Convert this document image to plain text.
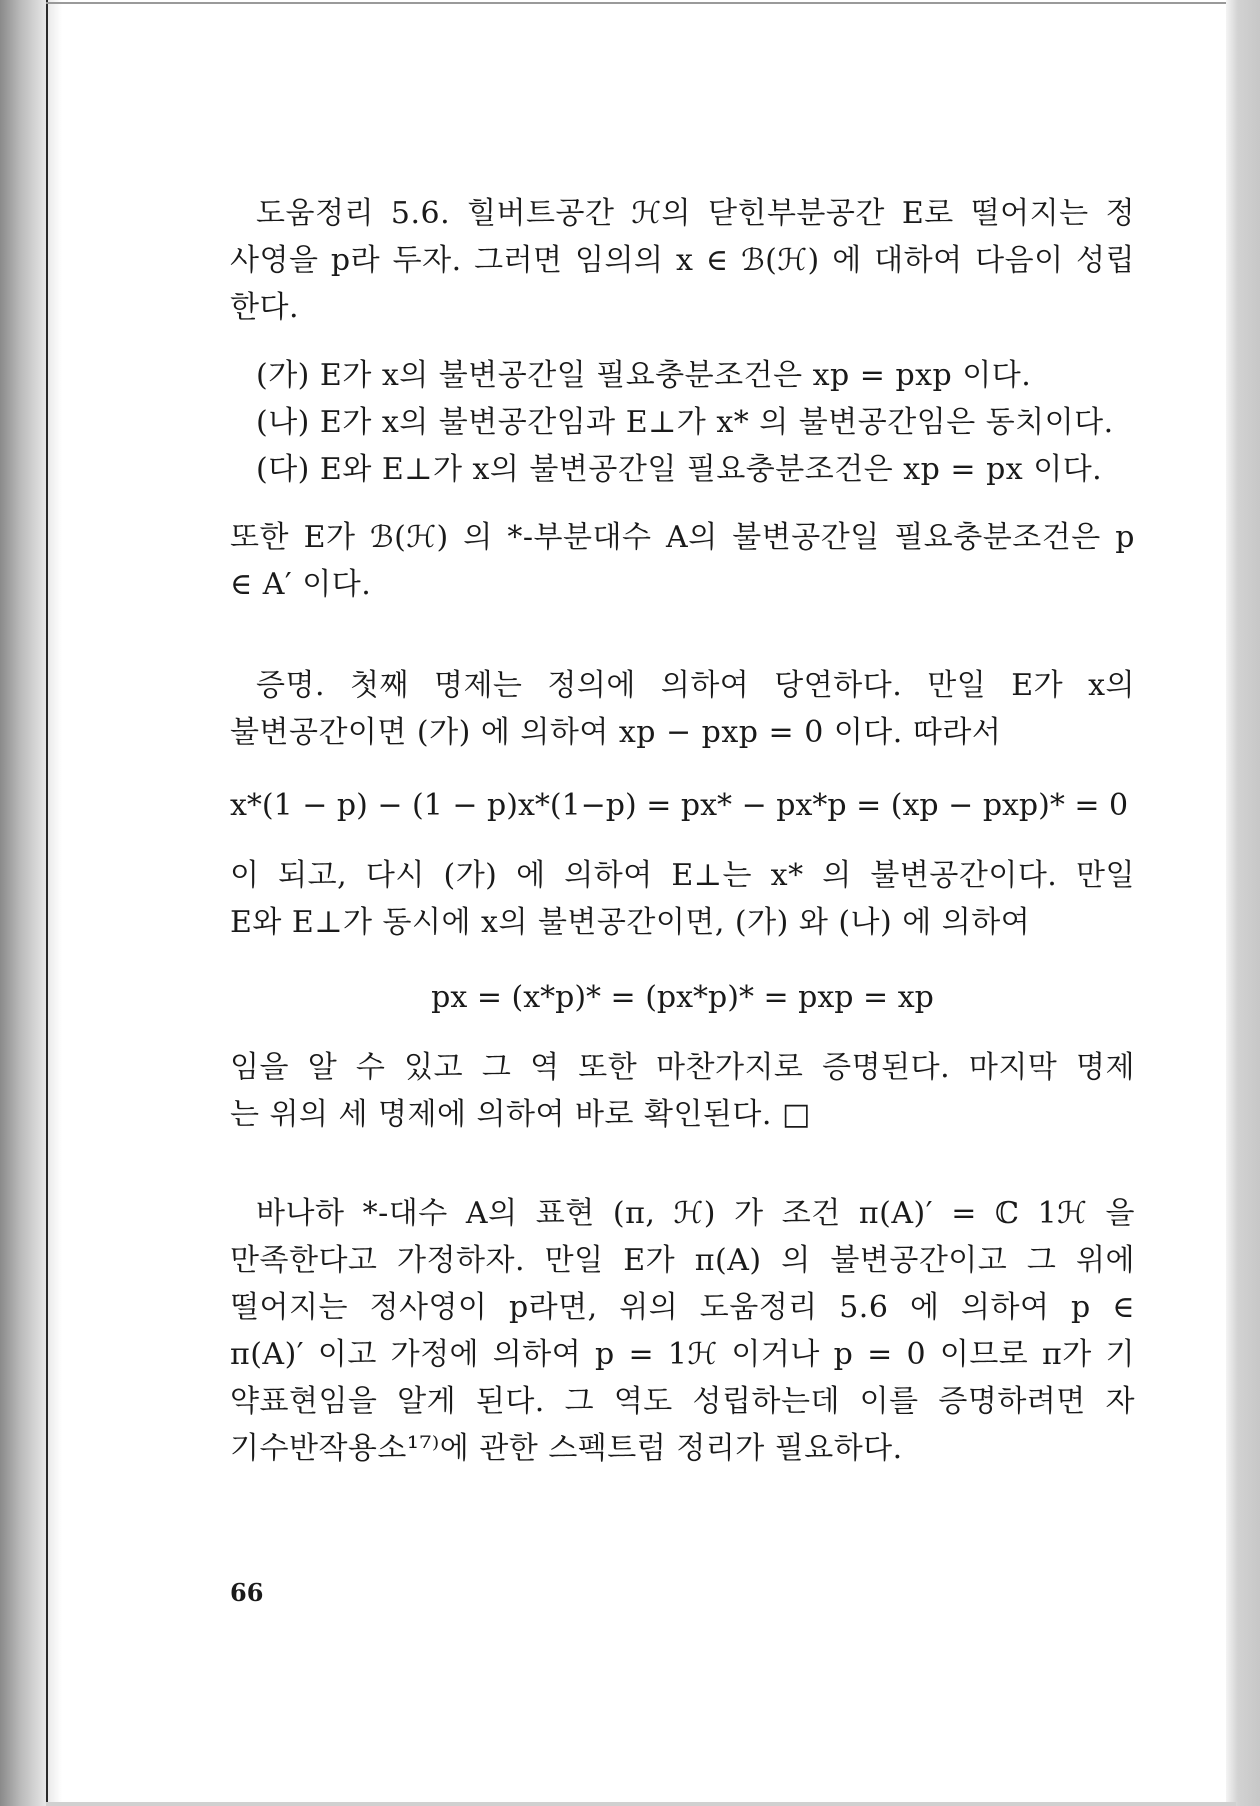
도움정리 5.6. 힐버트공간 ℋ의 닫힌부분공간 E로 떨어지는 정
사영을 p라 두자. 그러면 임의의 x ∈ ℬ(ℋ) 에 대하여 다음이 성립
한다.
(가) E가 x의 불변공간일 필요충분조건은 xp = pxp 이다.
(나) E가 x의 불변공간임과 E⊥가 x* 의 불변공간임은 동치이다.
(다) E와 E⊥가 x의 불변공간일 필요충분조건은 xp = px 이다.
또한 E가 ℬ(ℋ) 의 *-부분대수 A의 불변공간일 필요충분조건은 p
∈ A′ 이다.
증명. 첫째 명제는 정의에 의하여 당연하다. 만일 E가 x의
불변공간이면 (가) 에 의하여 xp − pxp = 0 이다. 따라서
x*(1 − p) − (1 − p)x*(1−p) = px* − px*p = (xp − pxp)* = 0
이 되고, 다시 (가) 에 의하여 E⊥는 x* 의 불변공간이다. 만일
E와 E⊥가 동시에 x의 불변공간이면, (가) 와 (나) 에 의하여
px = (x*p)* = (px*p)* = pxp = xp
임을 알 수 있고 그 역 또한 마찬가지로 증명된다. 마지막 명제
는 위의 세 명제에 의하여 바로 확인된다. □
바나하 *-대수 A의 표현 (π, ℋ) 가 조건 π(A)′ = ℂ 1ℋ 을
만족한다고 가정하자. 만일 E가 π(A) 의 불변공간이고 그 위에
떨어지는 정사영이 p라면, 위의 도움정리 5.6 에 의하여 p ∈
π(A)′ 이고 가정에 의하여 p = 1ℋ 이거나 p = 0 이므로 π가 기
약표현임을 알게 된다. 그 역도 성립하는데 이를 증명하려면 자
기수반작용소¹⁷⁾에 관한 스펙트럼 정리가 필요하다.
66
